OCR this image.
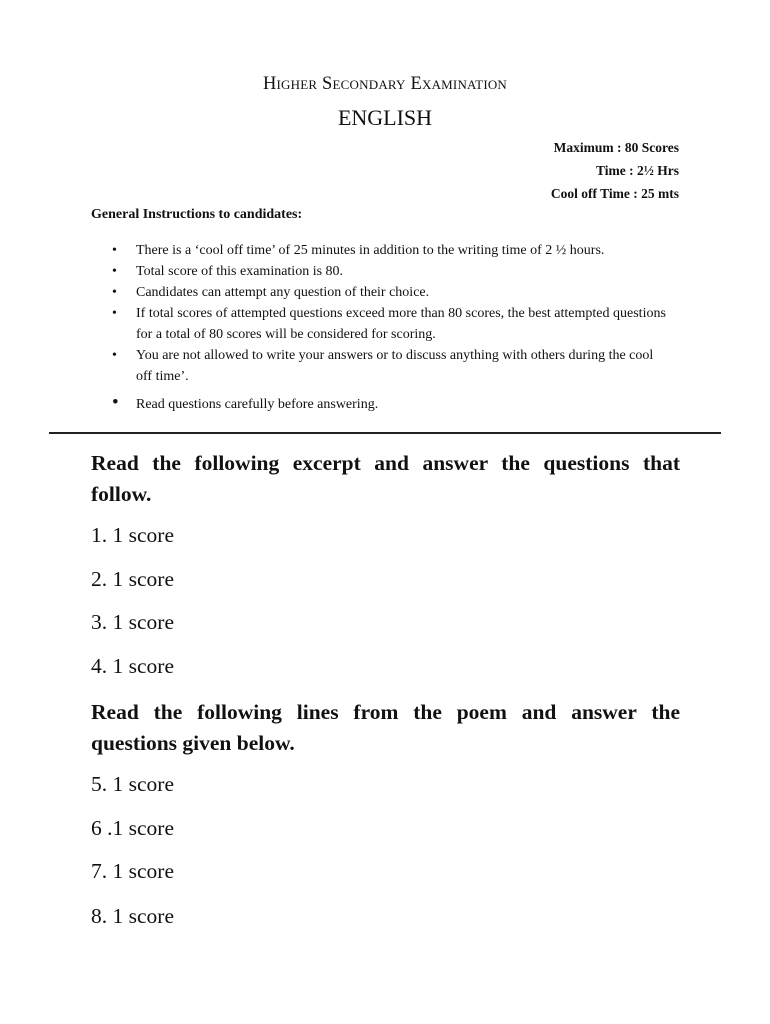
Higher Secondary Examination
ENGLISH
Maximum : 80 Scores
Time : 2½ Hrs
Cool off Time : 25 mts
General Instructions to candidates:
• There is a ‘cool off time’ of 25 minutes in addition to the writing time of 2 ½ hours.
• Total score of this examination is 80.
• Candidates can attempt any question of their choice.
• If total scores of attempted questions exceed more than 80 scores, the best attempted questions for a total of 80 scores will be considered for scoring.
• You are not allowed to write your answers or to discuss anything with others during the cool off time’.
• Read questions carefully before answering.
Read the following excerpt and answer the questions that follow.
1. 1 score
2. 1 score
3. 1 score
4. 1 score
Read the following lines from the poem and answer the questions given below.
5. 1 score
6 .1 score
7. 1 score
8. 1 score
